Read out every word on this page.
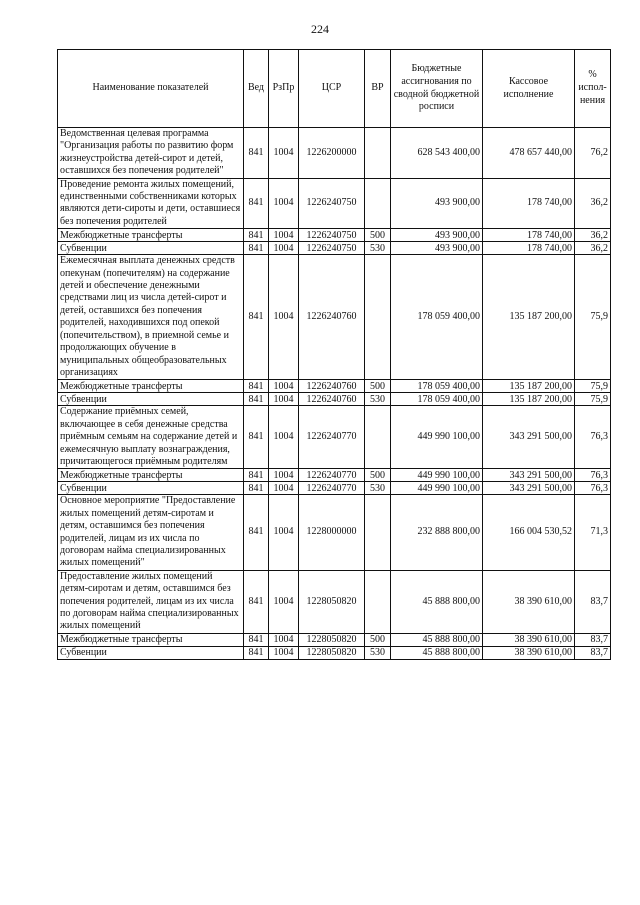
224
Наименование показателей	Вед	РзПр	ЦСР	ВР	Бюджетные ассигнования по сводной бюджетной росписи	Кассовое исполнение	% испол-нения
Ведомственная целевая программа "Организация работы по развитию форм жизнеустройства детей-сирот и детей, оставшихся без попечения родителей"	841	1004	1226200000		628 543 400,00	478 657 440,00	76,2
Проведение ремонта жилых помещений, единственными собственниками которых являются дети-сироты и дети, оставшиеся без попечения родителей	841	1004	1226240750		493 900,00	178 740,00	36,2
Межбюджетные трансферты	841	1004	1226240750	500	493 900,00	178 740,00	36,2
Субвенции	841	1004	1226240750	530	493 900,00	178 740,00	36,2
Ежемесячная выплата денежных средств опекунам (попечителям) на содержание детей и обеспечение денежными средствами лиц из числа детей-сирот и детей, оставшихся без попечения родителей, находившихся под опекой (попечительством), в приемной семье и продолжающих обучение в муниципальных общеобразовательных организациях	841	1004	1226240760		178 059 400,00	135 187 200,00	75,9
Межбюджетные трансферты	841	1004	1226240760	500	178 059 400,00	135 187 200,00	75,9
Субвенции	841	1004	1226240760	530	178 059 400,00	135 187 200,00	75,9
Содержание приёмных семей, включающее в себя денежные средства приёмным семьям на содержание детей и ежемесячную выплату вознаграждения, причитающегося приёмным родителям	841	1004	1226240770		449 990 100,00	343 291 500,00	76,3
Межбюджетные трансферты	841	1004	1226240770	500	449 990 100,00	343 291 500,00	76,3
Субвенции	841	1004	1226240770	530	449 990 100,00	343 291 500,00	76,3
Основное мероприятие "Предоставление жилых помещений детям-сиротам и детям, оставшимся без попечения родителей, лицам из их числа по договорам найма специализированных жилых помещений"	841	1004	1228000000		232 888 800,00	166 004 530,52	71,3
Предоставление жилых помещений детям-сиротам и детям, оставшимся без попечения родителей, лицам из их числа по договорам найма специализированных жилых помещений	841	1004	1228050820		45 888 800,00	38 390 610,00	83,7
Межбюджетные трансферты	841	1004	1228050820	500	45 888 800,00	38 390 610,00	83,7
Субвенции	841	1004	1228050820	530	45 888 800,00	38 390 610,00	83,7
